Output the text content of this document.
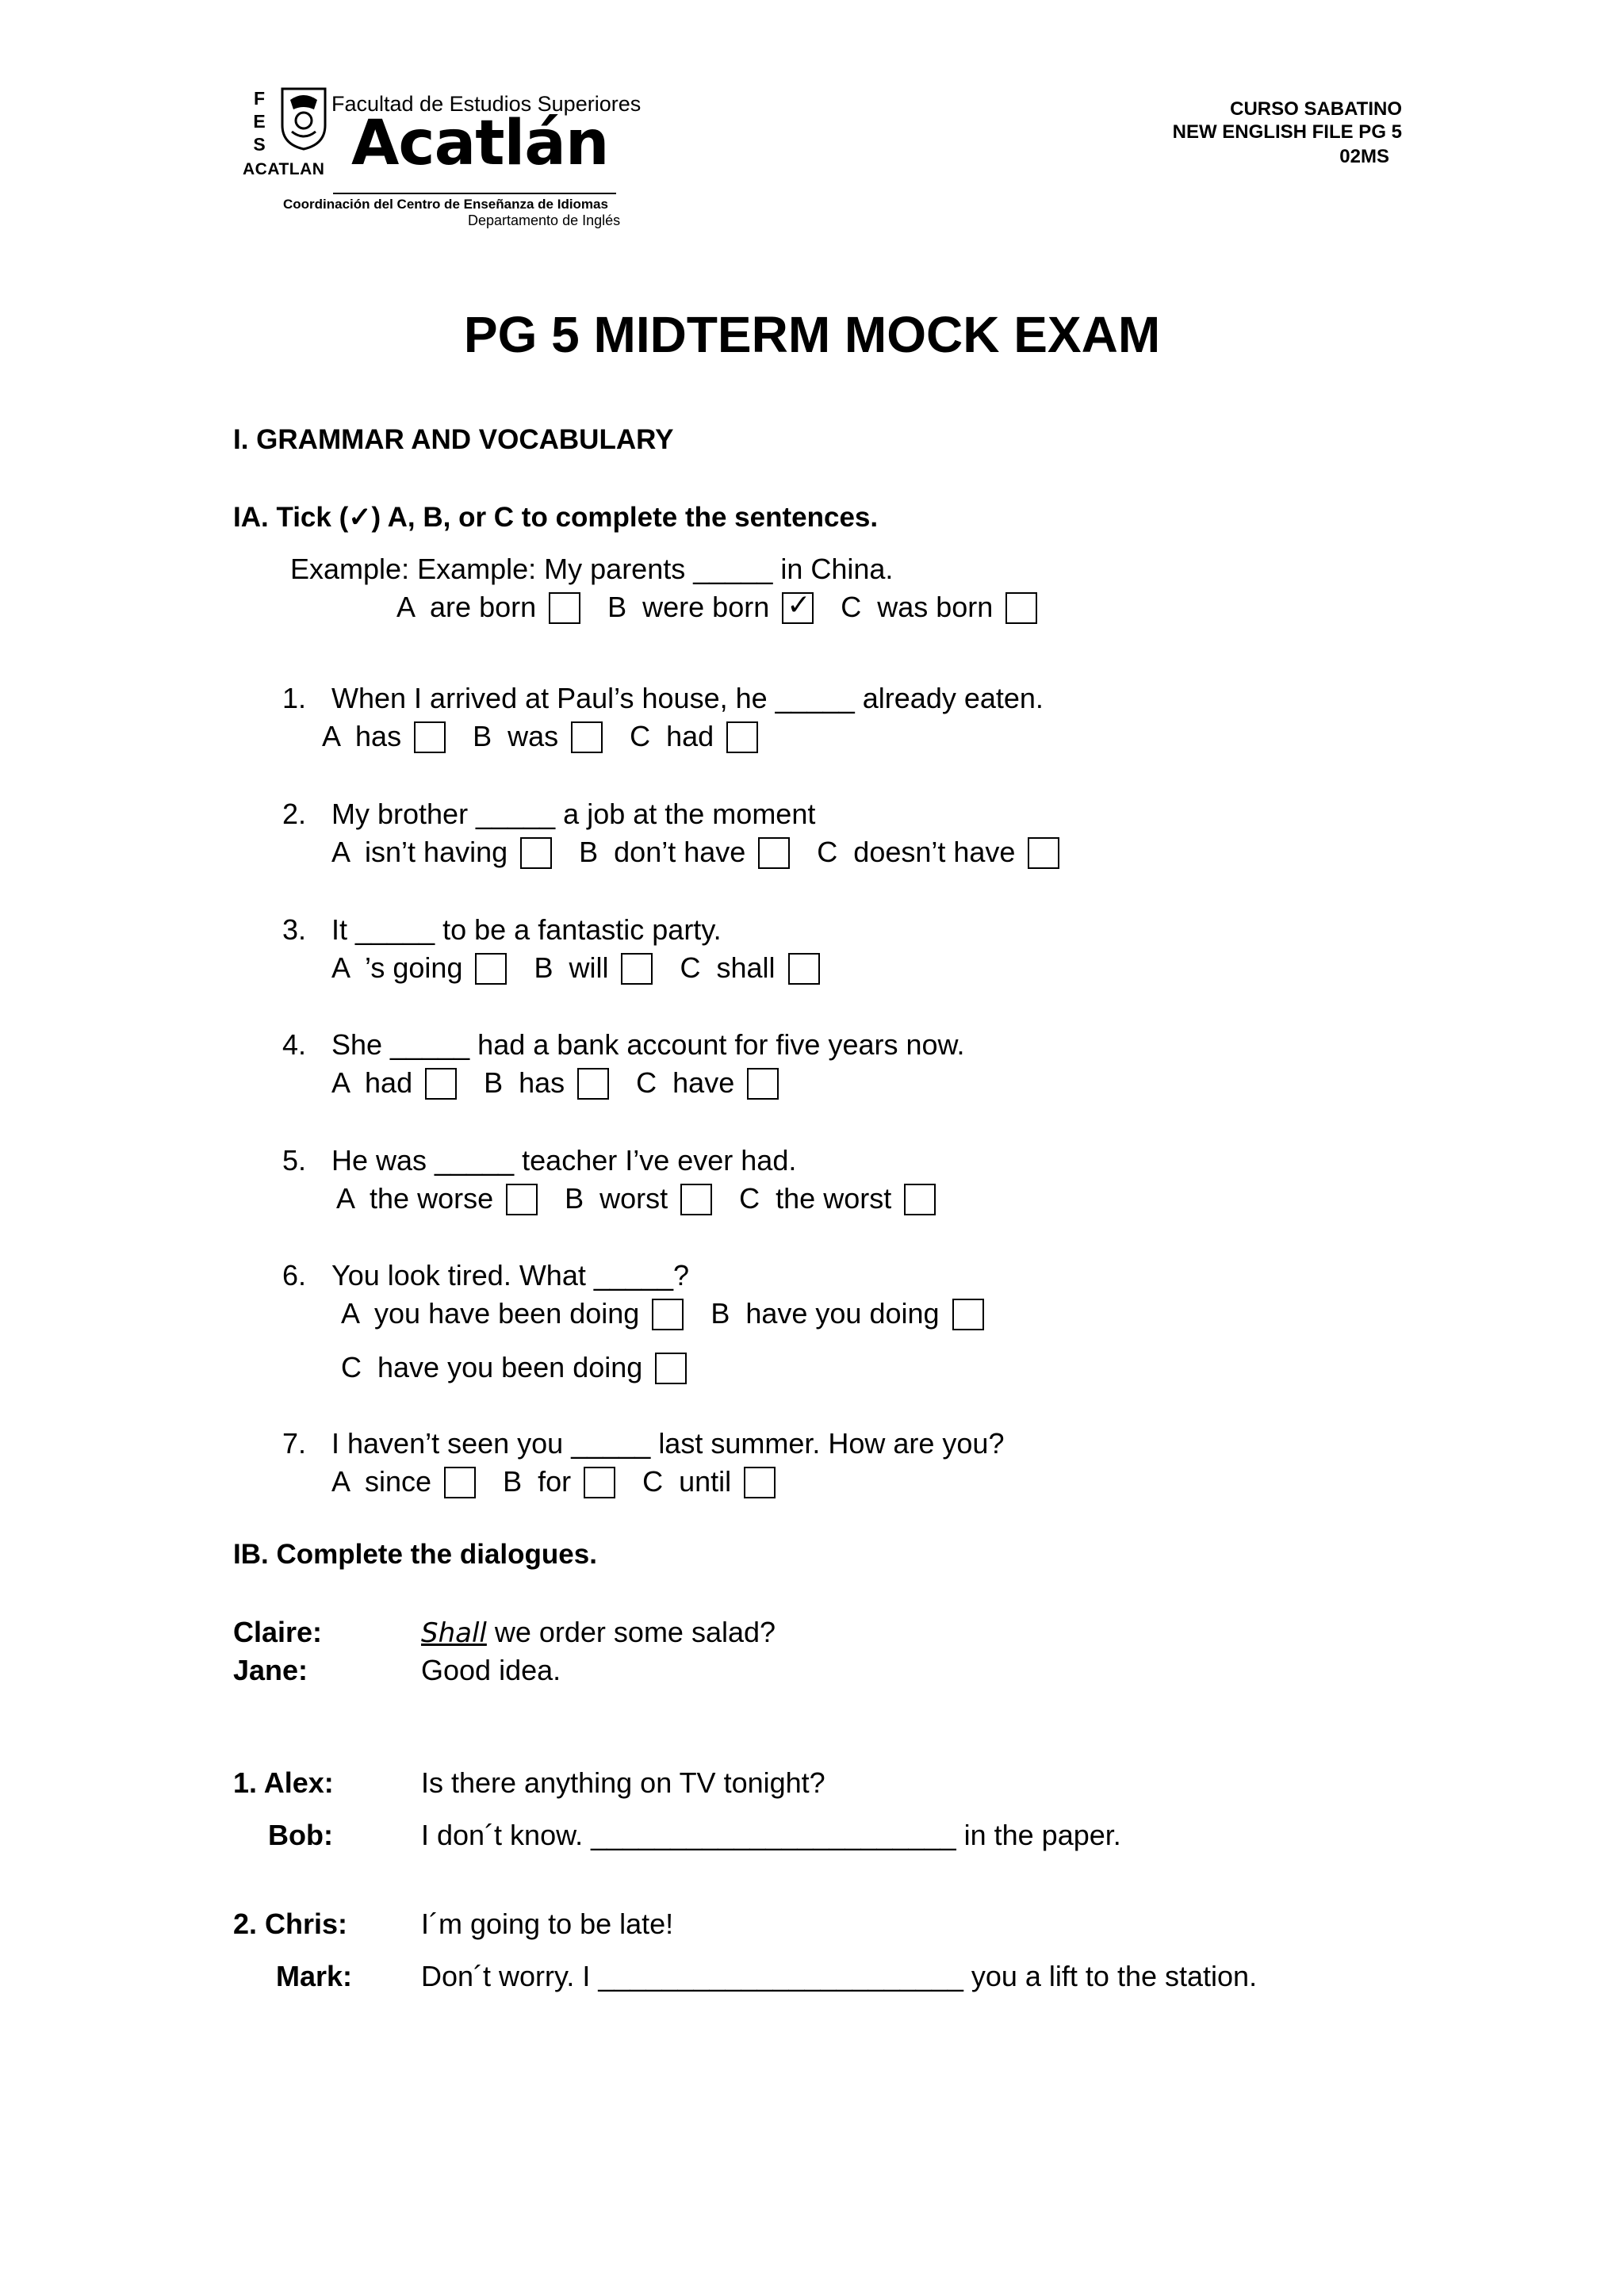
F
E
S
ACATLAN
Facultad de Estudios Superiores
Acatlán
Coordinación del Centro de Enseñanza de Idiomas
Departamento de Inglés
CURSO SABATINO
NEW ENGLISH FILE PG 5
02MS
PG 5 MIDTERM MOCK EXAM
I. GRAMMAR AND VOCABULARY
IA. Tick (✓) A, B, or C to complete the sentences.
Example: Example: My parents _____ in China.
A  are born	B  were born ✓ C  was born
1. When I arrived at Paul’s house, he _____ already eaten.
A  has	B  was	C  had
2. My brother _____ a job at the moment
A  isn’t having	B  don’t have	C  doesn’t have
3. It _____ to be a fantastic party.
A  ’s going	B  will	C  shall
4. She _____ had a bank account for five years now.
A  had	B  has	C  have
5. He was _____ teacher I’ve ever had.
A  the worse	B  worst	C  the worst
6. You look tired. What _____?
A  you have been doing	B  have you doing
C  have you been doing
7. I haven’t seen you _____ last summer. How are you?
A  since	B  for	C  until
IB. Complete the dialogues.
Claire:	Shall we order some salad?
Jane:	Good idea.
1. Alex:	Is there anything on TV tonight?
Bob:	I don´t know. _______________________ in the paper.
2. Chris:	I´m going to be late!
Mark: Don´t worry. I _______________________ you a lift to the station.
